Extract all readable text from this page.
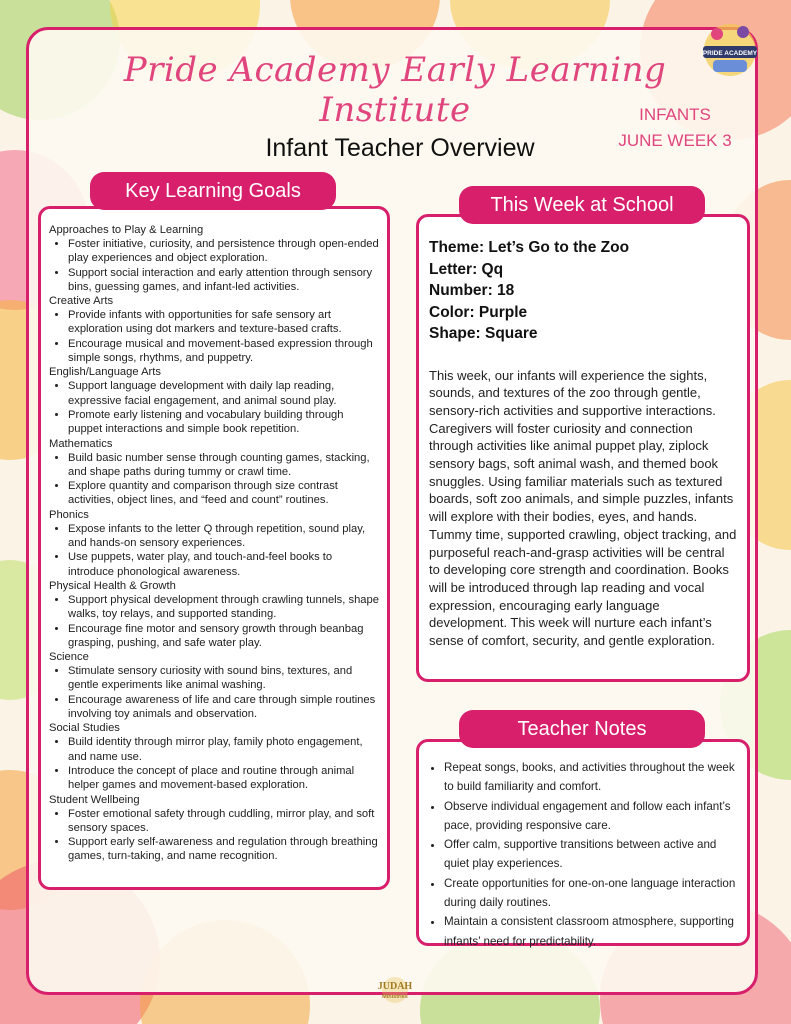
PRIDE ACADEMY
Pride Academy Early Learning Institute
Infant Teacher Overview
INFANTS
JUNE WEEK 3
Approaches to Play & Learning
• Foster initiative, curiosity, and persistence through open-ended play experiences and object exploration.
• Support social interaction and early attention through sensory bins, guessing games, and infant-led activities.
Creative Arts
• Provide infants with opportunities for safe sensory art exploration using dot markers and texture-based crafts.
• Encourage musical and movement-based expression through simple songs, rhythms, and puppetry.
English/Language Arts
• Support language development with daily lap reading, expressive facial engagement, and animal sound play.
• Promote early listening and vocabulary building through puppet interactions and simple book repetition.
Mathematics
• Build basic number sense through counting games, stacking, and shape paths during tummy or crawl time.
• Explore quantity and comparison through size contrast activities, object lines, and “feed and count” routines.
Phonics
• Expose infants to the letter Q through repetition, sound play, and hands-on sensory experiences.
• Use puppets, water play, and touch-and-feel books to introduce phonological awareness.
Physical Health & Growth
• Support physical development through crawling tunnels, shape walks, toy relays, and supported standing.
• Encourage fine motor and sensory growth through beanbag grasping, pushing, and safe water play.
Science
• Stimulate sensory curiosity with sound bins, textures, and gentle experiments like animal washing.
• Encourage awareness of life and care through simple routines involving toy animals and observation.
Social Studies
• Build identity through mirror play, family photo engagement, and name use.
• Introduce the concept of place and routine through animal helper games and movement-based exploration.
Student Wellbeing
• Foster emotional safety through cuddling, mirror play, and soft sensory spaces.
• Support early self-awareness and regulation through breathing games, turn-taking, and name recognition.
Key Learning Goals
Theme: Let’s Go to the Zoo
Letter: Qq
Number: 18
Color: Purple
Shape: Square

This week, our infants will experience the sights, sounds, and textures of the zoo through gentle, sensory-rich activities and supportive interactions. Caregivers will foster curiosity and connection through activities like animal puppet play, ziplock sensory bags, soft animal wash, and themed book snuggles. Using familiar materials such as textured boards, soft zoo animals, and simple puzzles, infants will explore with their bodies, eyes, and hands.

Tummy time, supported crawling, object tracking, and purposeful reach-and-grasp activities will be central to developing core strength and coordination. Books will be introduced through lap reading and vocal expression, encouraging early language development. This week will nurture each infant’s sense of comfort, security, and gentle exploration.

This Week at School
• Repeat songs, books, and activities throughout the week to build familiarity and comfort.
• Observe individual engagement and follow each infant’s pace, providing responsive care.
• Offer calm, supportive transitions between active and quiet play experiences.
• Create opportunities for one-on-one language interaction during daily routines.
• Maintain a consistent classroom atmosphere, supporting infants’ need for predictability.
Teacher Notes
JUDAH
Ministries
